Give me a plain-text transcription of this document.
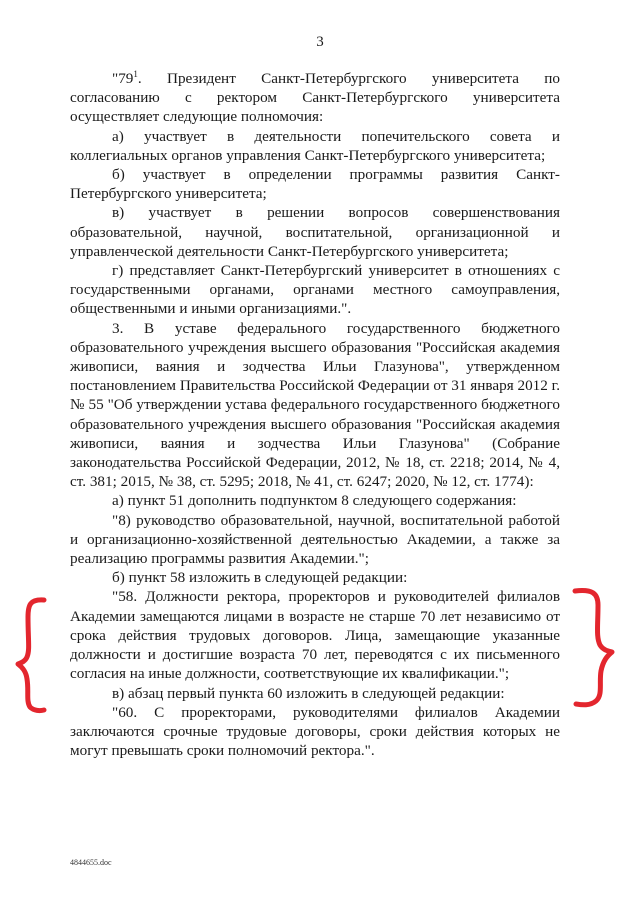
3

"$79^1$. Президент Санкт-Петербургского университета по согласованию с ректором Санкт-Петербургского университета осуществляет следующие полномочия:

а) участвует в деятельности попечительского совета и коллегиальных органов управления Санкт-Петербургского университета;

б) участвует в определении программы развития Санкт-Петербургского университета;

в) участвует в решении вопросов совершенствования образовательной, научной, воспитательной, организационной и управленческой деятельности Санкт-Петербургского университета;

г) представляет Санкт-Петербургский университет в отношениях с государственными органами, органами местного самоуправления, общественными и иными организациями.".

3. В уставе федерального государственного бюджетного образовательного учреждения высшего образования "Российская академия живописи, ваяния и зодчества Ильи Глазунова", утвержденном постановлением Правительства Российской Федерации от 31 января 2012 г. № 55 "Об утверждении устава федерального государственного бюджетного образовательного учреждения высшего образования "Российская академия живописи, ваяния и зодчества Ильи Глазунова" (Собрание законодательства Российской Федерации, 2012, № 18, ст. 2218; 2014, № 4, ст. 381; 2015, № 38, ст. 5295; 2018, № 41, ст. 6247; 2020, № 12, ст. 1774):

а) пункт 51 дополнить подпунктом 8 следующего содержания:

"8) руководство образовательной, научной, воспитательной работой и организационно-хозяйственной деятельностью Академии, а также за реализацию программы развития Академии.";

б) пункт 58 изложить в следующей редакции:

"58. Должности ректора, проректоров и руководителей филиалов Академии замещаются лицами в возрасте не старше 70 лет независимо от срока действия трудовых договоров. Лица, замещающие указанные должности и достигшие возраста 70 лет, переводятся с их письменного согласия на иные должности, соответствующие их квалификации.";

в) абзац первый пункта 60 изложить в следующей редакции:

"60. С проректорами, руководителями филиалов Академии заключаются срочные трудовые договоры, сроки действия которых не могут превышать сроки полномочий ректора.".

4844655.doc
